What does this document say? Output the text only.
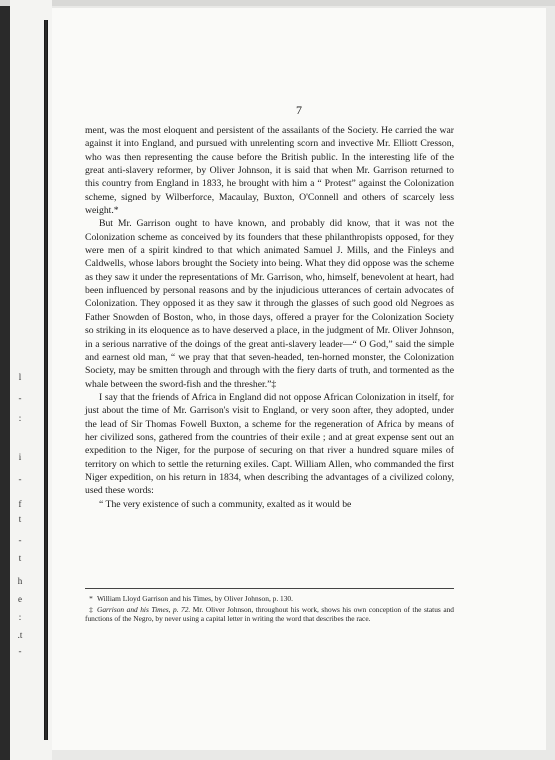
l
-
:
i
-
f
t
-
t
h
e
:
.t
-
7

ment, was the most eloquent and persistent of the assailants of the Society. He carried the war against it into England, and pursued with unrelenting scorn and invective Mr. Elliott Cresson, who was then representing the cause before the British public. In the interesting life of the great anti-slavery reformer, by Oliver Johnson, it is said that when Mr. Garrison returned to this country from England in 1833, he brought with him a “ Protest” against the Colonization scheme, signed by Wilberforce, Macaulay, Buxton, O'Connell and others of scarcely less weight.*

But Mr. Garrison ought to have known, and probably did know, that it was not the Colonization scheme as conceived by its founders that these philanthropists opposed, for they were men of a spirit kindred to that which animated Samuel J. Mills, and the Finleys and Caldwells, whose labors brought the Society into being. What they did oppose was the scheme as they saw it under the representations of Mr. Garrison, who, himself, benevolent at heart, had been influenced by personal reasons and by the injudicious utterances of certain advocates of Colonization. They opposed it as they saw it through the glasses of such good old Negroes as Father Snowden of Boston, who, in those days, offered a prayer for the Colonization Society so striking in its eloquence as to have deserved a place, in the judgment of Mr. Oliver Johnson, in a serious narrative of the doings of the great anti-slavery leader—“ O God,” said the simple and earnest old man, “ we pray that that seven-headed, ten-horned monster, the Colonization Society, may be smitten through and through with the fiery darts of truth, and tormented as the whale between the sword-fish and the thresher.”‡

I say that the friends of Africa in England did not oppose African Colonization in itself, for just about the time of Mr. Garrison's visit to England, or very soon after, they adopted, under the lead of Sir Thomas Fowell Buxton, a scheme for the regeneration of Africa by means of her civilized sons, gathered from the countries of their exile ; and at great expense sent out an expedition to the Niger, for the purpose of securing on that river a hundred square miles of territory on which to settle the returning exiles. Capt. William Allen, who commanded the first Niger expedition, on his return in 1834, when describing the advantages of a civilized colony, used these words:

“ The very existence of such a community, exalted as it would be

* William Lloyd Garrison and his Times, by Oliver Johnson, p. 130.

‡ Garrison and his Times, p. 72. Mr. Oliver Johnson, throughout his work, shows his own conception of the status and functions of the Negro, by never using a capital letter in writing the word that describes the race.
